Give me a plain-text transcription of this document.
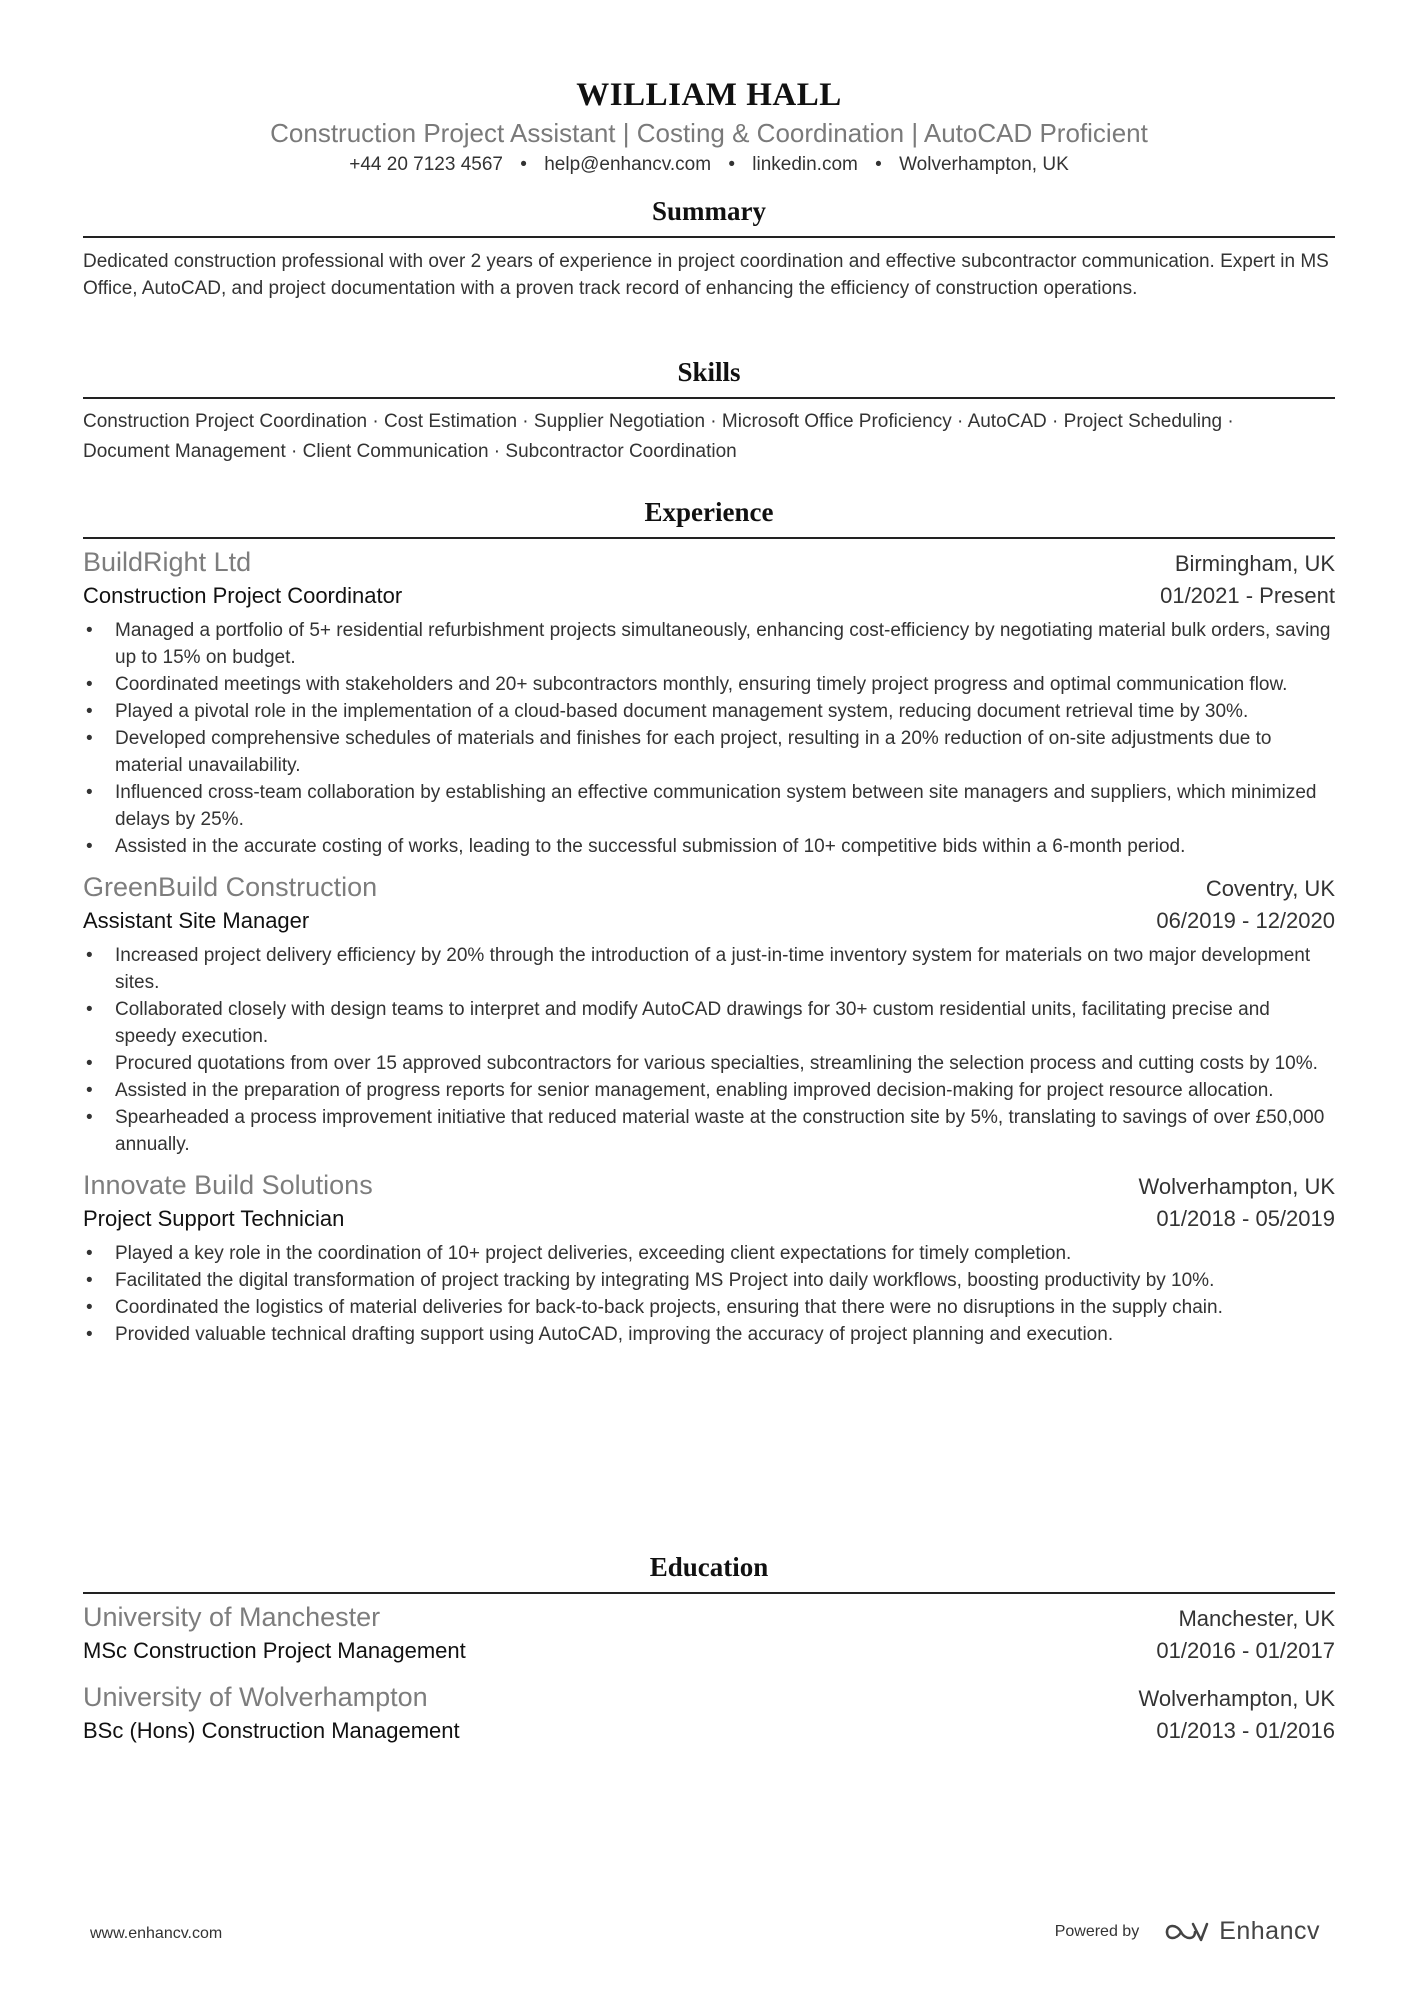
WILLIAM HALL
Construction Project Assistant | Costing & Coordination | AutoCAD Proficient
+44 20 7123 4567 • help@enhancv.com • linkedin.com • Wolverhampton, UK
Summary
Dedicated construction professional with over 2 years of experience in project coordination and effective subcontractor communication. Expert in MS Office, AutoCAD, and project documentation with a proven track record of enhancing the efficiency of construction operations.
Skills
Construction Project Coordination · Cost Estimation · Supplier Negotiation · Microsoft Office Proficiency · AutoCAD · Project Scheduling ·
Document Management · Client Communication · Subcontractor Coordination
Experience
BuildRight Ltd	Birmingham, UK
Construction Project Coordinator	01/2021 - Present
• Managed a portfolio of 5+ residential refurbishment projects simultaneously, enhancing cost-efficiency by negotiating material bulk orders, saving up to 15% on budget.
• Coordinated meetings with stakeholders and 20+ subcontractors monthly, ensuring timely project progress and optimal communication flow.
• Played a pivotal role in the implementation of a cloud-based document management system, reducing document retrieval time by 30%.
• Developed comprehensive schedules of materials and finishes for each project, resulting in a 20% reduction of on-site adjustments due to material unavailability.
• Influenced cross-team collaboration by establishing an effective communication system between site managers and suppliers, which minimized delays by 25%.
• Assisted in the accurate costing of works, leading to the successful submission of 10+ competitive bids within a 6-month period.
GreenBuild Construction	Coventry, UK
Assistant Site Manager	06/2019 - 12/2020
• Increased project delivery efficiency by 20% through the introduction of a just-in-time inventory system for materials on two major development sites.
• Collaborated closely with design teams to interpret and modify AutoCAD drawings for 30+ custom residential units, facilitating precise and speedy execution.
• Procured quotations from over 15 approved subcontractors for various specialties, streamlining the selection process and cutting costs by 10%.
• Assisted in the preparation of progress reports for senior management, enabling improved decision-making for project resource allocation.
• Spearheaded a process improvement initiative that reduced material waste at the construction site by 5%, translating to savings of over £50,000 annually.
Innovate Build Solutions	Wolverhampton, UK
Project Support Technician	01/2018 - 05/2019
• Played a key role in the coordination of 10+ project deliveries, exceeding client expectations for timely completion.
• Facilitated the digital transformation of project tracking by integrating MS Project into daily workflows, boosting productivity by 10%.
• Coordinated the logistics of material deliveries for back-to-back projects, ensuring that there were no disruptions in the supply chain.
• Provided valuable technical drafting support using AutoCAD, improving the accuracy of project planning and execution.
Education
University of Manchester	Manchester, UK
MSc Construction Project Management	01/2016 - 01/2017
University of Wolverhampton	Wolverhampton, UK
BSc (Hons) Construction Management	01/2013 - 01/2016
www.enhancv.com	Powered by	Enhancv
